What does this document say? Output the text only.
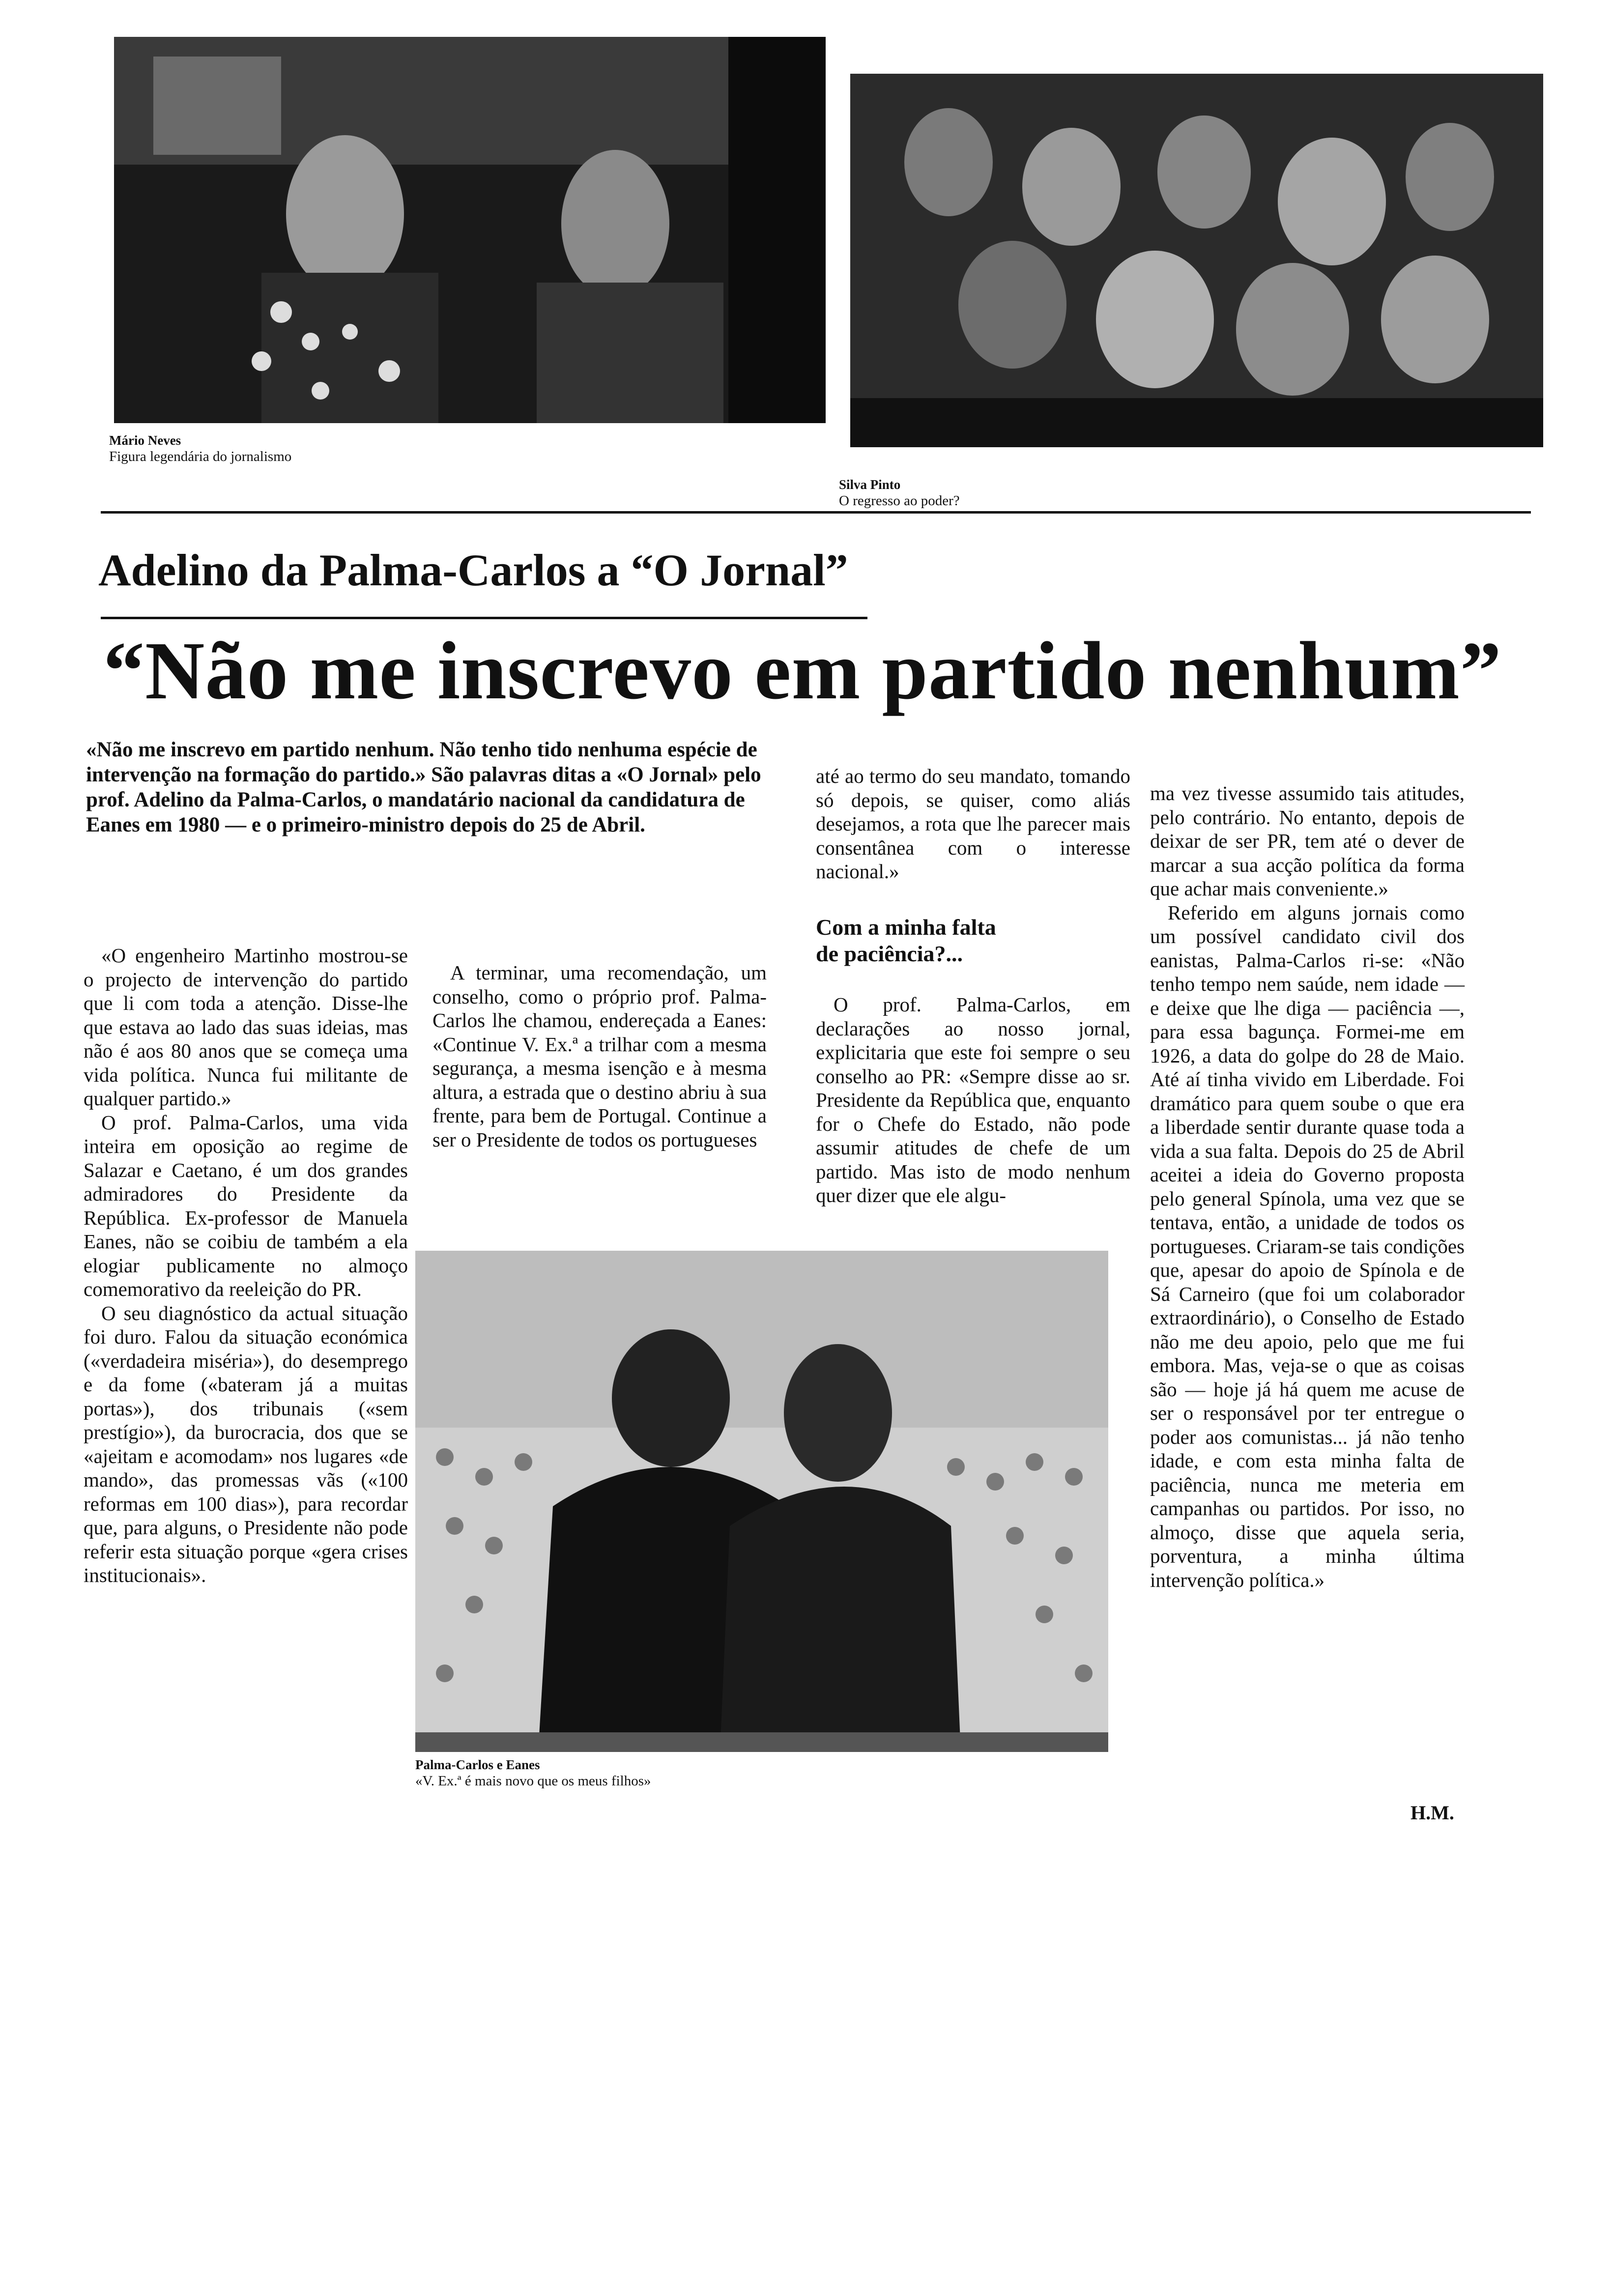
Mário Neves
Figura legendária do jornalismo
Silva Pinto
O regresso ao poder?
Adelino da Palma-Carlos a “O Jornal”
“Não me inscrevo em partido nenhum”
«Não me inscrevo em partido nenhum. Não tenho tido nenhuma espécie de intervenção na formação do partido.» São palavras ditas a «O Jornal» pelo prof. Adelino da Palma-Carlos, o mandatário nacional da candidatura de Eanes em 1980 — e o primeiro-ministro depois do 25 de Abril.

«O engenheiro Martinho mostrou-se o projecto de intervenção do partido que li com toda a atenção. Disse-lhe que estava ao lado das suas ideias, mas não é aos 80 anos que se começa uma vida política. Nunca fui militante de qualquer partido.»

O prof. Palma-Carlos, uma vida inteira em oposição ao regime de Salazar e Caetano, é um dos grandes admiradores do Presidente da República. Ex-professor de Manuela Eanes, não se coibiu de também a ela elogiar publicamente no almoço comemorativo da reeleição do PR.

O seu diagnóstico da actual situação foi duro. Falou da situação económica («verdadeira miséria»), do desemprego e da fome («bateram já a muitas portas»), dos tribunais («sem prestígio»), da burocracia, dos que se «ajeitam e acomodam» nos lugares «de mando», das promessas vãs («100 reformas em 100 dias»), para recordar que, para alguns, o Presidente não pode referir esta situação porque «gera crises institucionais».

A terminar, uma recomendação, um conselho, como o próprio prof. Palma-Carlos lhe chamou, endereçada a Eanes: «Continue V. Ex.ª a trilhar com a mesma segurança, a mesma isenção e à mesma altura, a estrada que o destino abriu à sua frente, para bem de Portugal. Continue a ser o Presidente de todos os portugueses

até ao termo do seu mandato, tomando só depois, se quiser, como aliás desejamos, a rota que lhe parecer mais consentânea com o interesse nacional.»

Com a minha falta de paciência?...

O prof. Palma-Carlos, em declarações ao nosso jornal, explicitaria que este foi sempre o seu conselho ao PR: «Sempre disse ao sr. Presidente da República que, enquanto for o Chefe do Estado, não pode assumir atitudes de chefe de um partido. Mas isto de modo nenhum quer dizer que ele algu-

Palma-Carlos e Eanes
«V. Ex.ª é mais novo que os meus filhos»

ma vez tivesse assumido tais atitudes, pelo contrário. No entanto, depois de deixar de ser PR, tem até o dever de marcar a sua acção política da forma que achar mais conveniente.»

Referido em alguns jornais como um possível candidato civil dos eanistas, Palma-Carlos ri-se: «Não tenho tempo nem saúde, nem idade — e deixe que lhe diga — paciência —, para essa bagunça. Formei-me em 1926, a data do golpe do 28 de Maio. Até aí tinha vivido em Liberdade. Foi dramático para quem soube o que era a liberdade sentir durante quase toda a vida a sua falta. Depois do 25 de Abril aceitei a ideia do Governo proposta pelo general Spínola, uma vez que se tentava, então, a unidade de todos os portugueses. Criaram-se tais condições que, apesar do apoio de Spínola e de Sá Carneiro (que foi um colaborador extraordinário), o Conselho de Estado não me deu apoio, pelo que me fui embora. Mas, veja-se o que as coisas são — hoje já há quem me acuse de ser o responsável por ter entregue o poder aos comunistas... já não tenho idade, e com esta minha falta de paciência, nunca me meteria em campanhas ou partidos. Por isso, no almoço, disse que aquela seria, porventura, a minha última intervenção política.»

H.M.
